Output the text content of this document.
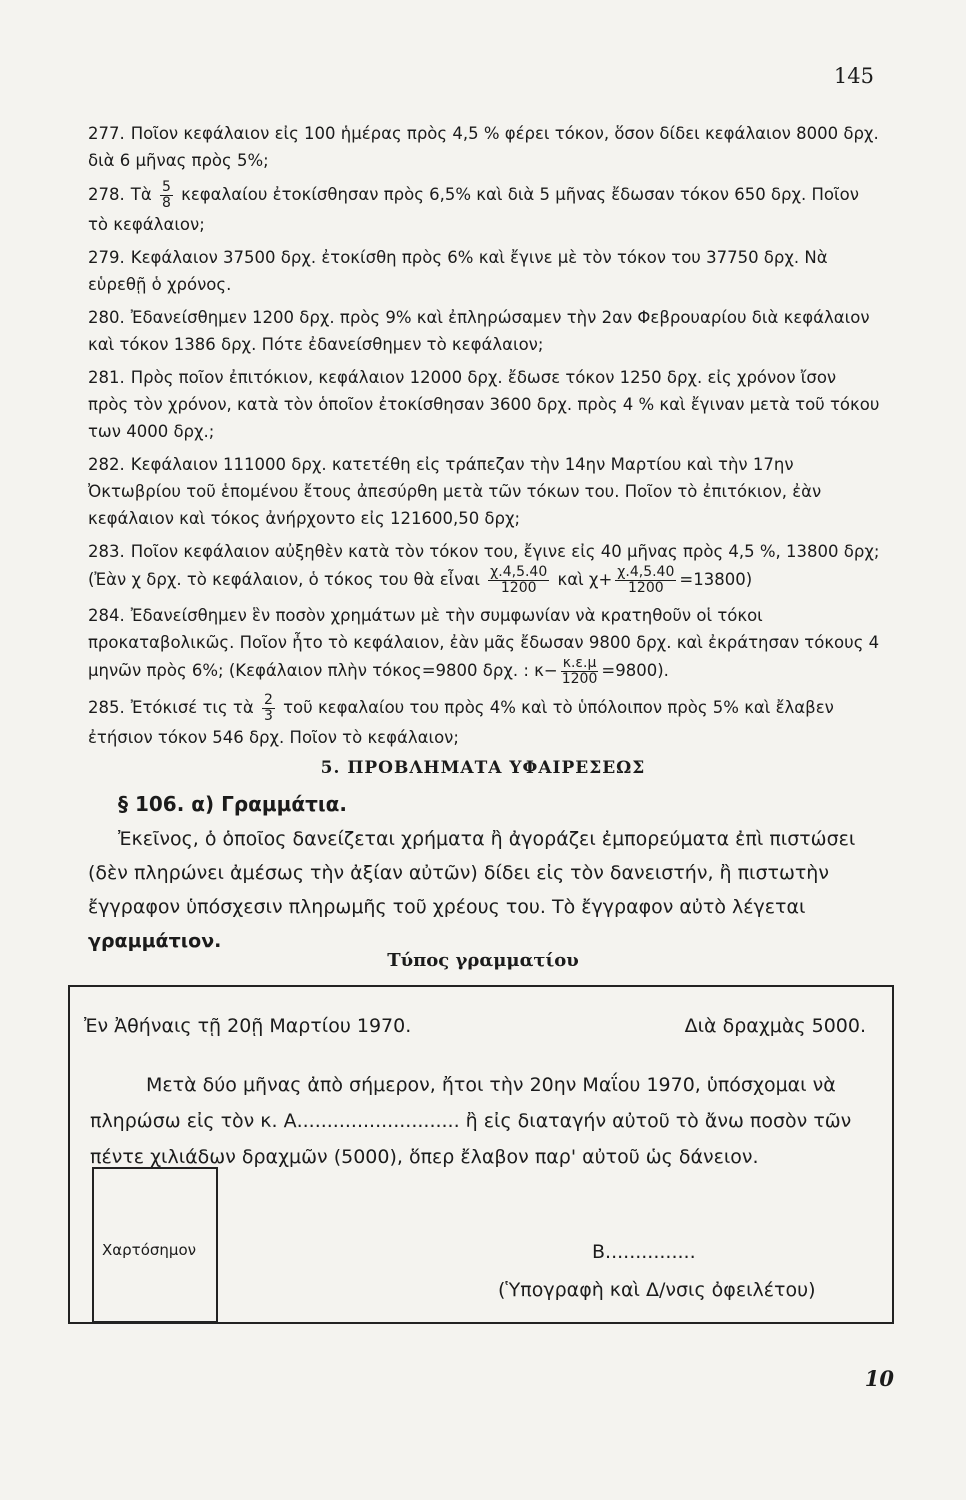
145

277. Ποῖον κεφάλαιον εἰς 100 ἡμέρας πρὸς 4,5 % φέρει τόκον, ὅσον δίδει κεφάλαιον 8000 δρχ. διὰ 6 μῆνας πρὸς 5%;

278. Τὰ $\frac{5}{8}$ κεφαλαίου ἐτοκίσθησαν πρὸς 6,5% καὶ διὰ 5 μῆνας ἔδωσαν τόκον 650 δρχ. Ποῖον τὸ κεφάλαιον;

279. Κεφάλαιον 37500 δρχ. ἐτοκίσθη πρὸς 6% καὶ ἔγινε μὲ τὸν τόκον του 37750 δρχ. Νὰ εὑρεθῇ ὁ χρόνος.

280. Ἐδανείσθημεν 1200 δρχ. πρὸς 9% καὶ ἐπληρώσαμεν τὴν 2αν Φεβρουαρίου διὰ κεφάλαιον καὶ τόκον 1386 δρχ. Πότε ἐδανείσθημεν τὸ κεφάλαιον;

281. Πρὸς ποῖον ἐπιτόκιον, κεφάλαιον 12000 δρχ. ἔδωσε τόκον 1250 δρχ. εἰς χρόνον ἴσον πρὸς τὸν χρόνον, κατὰ τὸν ὁποῖον ἐτοκίσθησαν 3600 δρχ. πρὸς 4 % καὶ ἔγιναν μετὰ τοῦ τόκου των 4000 δρχ.;

282. Κεφάλαιον 111000 δρχ. κατετέθη εἰς τράπεζαν τὴν 14ην Μαρτίου καὶ τὴν 17ην Ὀκτωβρίου τοῦ ἑπομένου ἔτους ἀπεσύρθη μετὰ τῶν τόκων του. Ποῖον τὸ ἐπιτόκιον, ἐὰν κεφάλαιον καὶ τόκος ἀνήρχοντο εἰς 121600,50 δρχ;

283. Ποῖον κεφάλαιον αὐξηθὲν κατὰ τὸν τόκον του, ἔγινε εἰς 40 μῆνας πρὸς 4,5 %, 13800 δρχ; (Ἐὰν χ δρχ. τὸ κεφάλαιον, ὁ τόκος του θὰ εἶναι $\frac{\chi.4,5.40}{1200}$ καὶ $\chi+ \frac{\chi.4,5.40}{1200} =13800$)

284. Ἐδανείσθημεν ἓν ποσὸν χρημάτων μὲ τὴν συμφωνίαν νὰ κρατηθοῦν οἱ τόκοι προκαταβολικῶς. Ποῖον ἦτο τὸ κεφάλαιον, ἐὰν μᾶς ἔδωσαν 9800 δρχ. καὶ ἐκράτησαν τόκους 4 μηνῶν πρὸς 6%; (Κεφάλαιον πλὴν τόκος=9800 δρχ. : $\kappa- \frac{\kappa.\varepsilon.\mu}{1200} =9800$).

285. Ἐτόκισέ τις τὰ $\frac{2}{3}$ τοῦ κεφαλαίου του πρὸς 4% καὶ τὸ ὑπόλοιπον πρὸς 5% καὶ ἔλαβεν ἐτήσιον τόκον 546 δρχ. Ποῖον τὸ κεφάλαιον;

5. ΠΡΟΒΛΗΜΑΤΑ ΥΦΑΙΡΕΣΕΩΣ
§ 106. α) Γραμμάτια.

Ἐκεῖνος, ὁ ὁποῖος δανείζεται χρήματα ἢ ἀγοράζει ἐμπορεύματα ἐπὶ πιστώσει (δὲν πληρώνει ἀμέσως τὴν ἀξίαν αὐτῶν) δίδει εἰς τὸν δανειστήν, ἢ πιστωτὴν ἔγγραφον ὑπόσχεσιν πληρωμῆς τοῦ χρέους του. Τὸ ἔγγραφον αὐτὸ λέγεται γραμμάτιον.

Τύπος γραμματίου
Ἐν Ἀθήναις τῇ 20ῇ Μαρτίου 1970.	Διὰ δραχμὰς 5000.

Μετὰ δύο μῆνας ἀπὸ σήμερον, ἤτοι τὴν 20ην Μαΐου 1970, ὑπόσχομαι νὰ πληρώσω εἰς τὸν κ. Α........................... ἢ εἰς διαταγήν αὐτοῦ τὸ ἄνω ποσὸν τῶν πέντε χιλιάδων δραχμῶν (5000), ὅπερ ἔλαβον παρ' αὐτοῦ ὡς δάνειον.

Χαρτόσημον	Β...............
(Ὑπογραφὴ καὶ Δ/νσις ὀφειλέτου)
10
